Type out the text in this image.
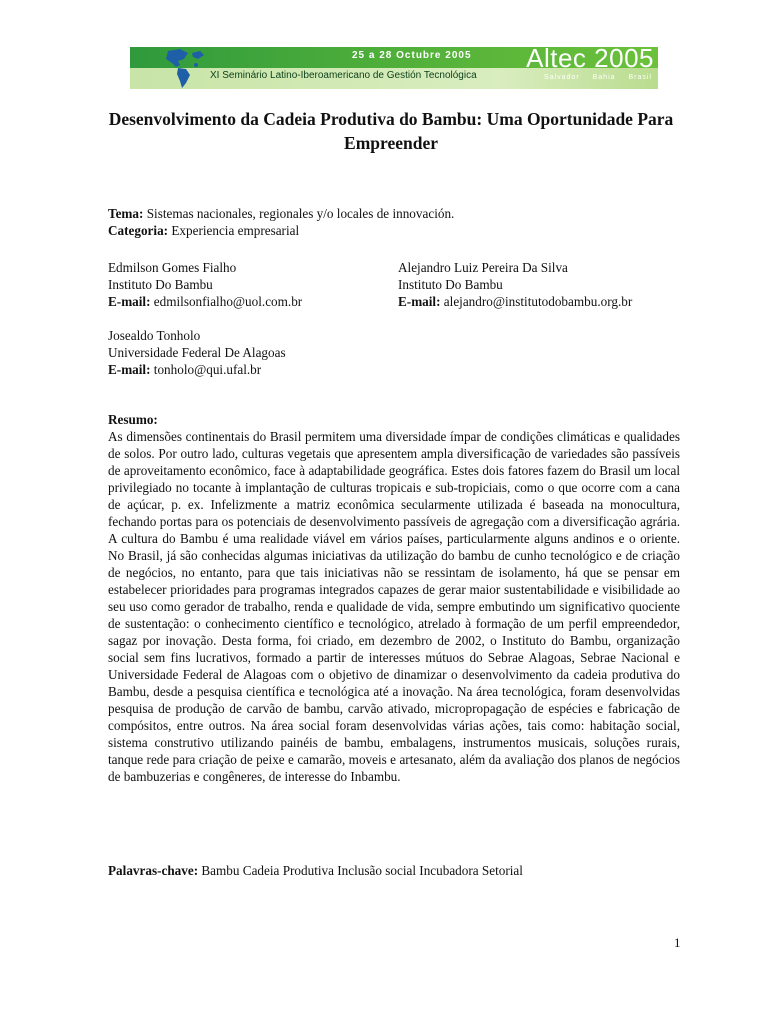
25 a 28 Octubre 2005
XI Seminário Latino-Iberoamericano de Gestión Tecnológica
Altec 2005
Salvador Bahia Brasil
Desenvolvimento da Cadeia Produtiva do Bambu: Uma Oportunidade Para Empreender

Tema: Sistemas nacionales, regionales y/o locales de innovación.

Categoria: Experiencia empresarial

Edmilson Gomes Fialho

Instituto Do Bambu

E-mail: edmilsonfialho@uol.com.br

Alejandro Luiz Pereira Da Silva

Instituto Do Bambu

E-mail: alejandro@institutodobambu.org.br

Josealdo Tonholo

Universidade Federal De Alagoas

E-mail: tonholo@qui.ufal.br

Resumo:

As dimensões continentais do Brasil permitem uma diversidade ímpar de condições climáticas e qualidades de solos. Por outro lado, culturas vegetais que apresentem ampla diversificação de variedades são passíveis de aproveitamento econômico, face à adaptabilidade geográfica. Estes dois fatores fazem do Brasil um local privilegiado no tocante à implantação de culturas tropicais e sub-tropiciais, como o que ocorre com a cana de açúcar, p. ex. Infelizmente a matriz econômica secularmente utilizada é baseada na monocultura, fechando portas para os potenciais de desenvolvimento passíveis de agregação com a diversificação agrária. A cultura do Bambu é uma realidade viável em vários países, particularmente alguns andinos e o oriente. No Brasil, já são conhecidas algumas iniciativas da utilização do bambu de cunho tecnológico e de criação de negócios, no entanto, para que tais iniciativas não se ressintam de isolamento, há que se pensar em estabelecer prioridades para programas integrados capazes de gerar maior sustentabilidade e visibilidade ao seu uso como gerador de trabalho, renda e qualidade de vida, sempre embutindo um significativo quociente de sustentação: o conhecimento científico e tecnológico, atrelado à formação de um perfil empreendedor, sagaz por inovação. Desta forma, foi criado, em dezembro de 2002, o Instituto do Bambu, organização social sem fins lucrativos, formado a partir de interesses mútuos do Sebrae Alagoas, Sebrae Nacional e Universidade Federal de Alagoas com o objetivo de dinamizar o desenvolvimento da cadeia produtiva do Bambu, desde a pesquisa científica e tecnológica até a inovação. Na área tecnológica, foram desenvolvidas pesquisa de produção de carvão de bambu, carvão ativado, micropropagação de espécies e fabricação de compósitos, entre outros. Na área social foram desenvolvidas várias ações, tais como: habitação social, sistema construtivo utilizando painéis de bambu, embalagens, instrumentos musicais, soluções rurais, tanque rede para criação de peixe e camarão, moveis e artesanato, além da avaliação dos planos de negócios de bambuzerias e congêneres, de interesse do Inbambu.

Palavras-chave: Bambu Cadeia Produtiva Inclusão social Incubadora Setorial
1
